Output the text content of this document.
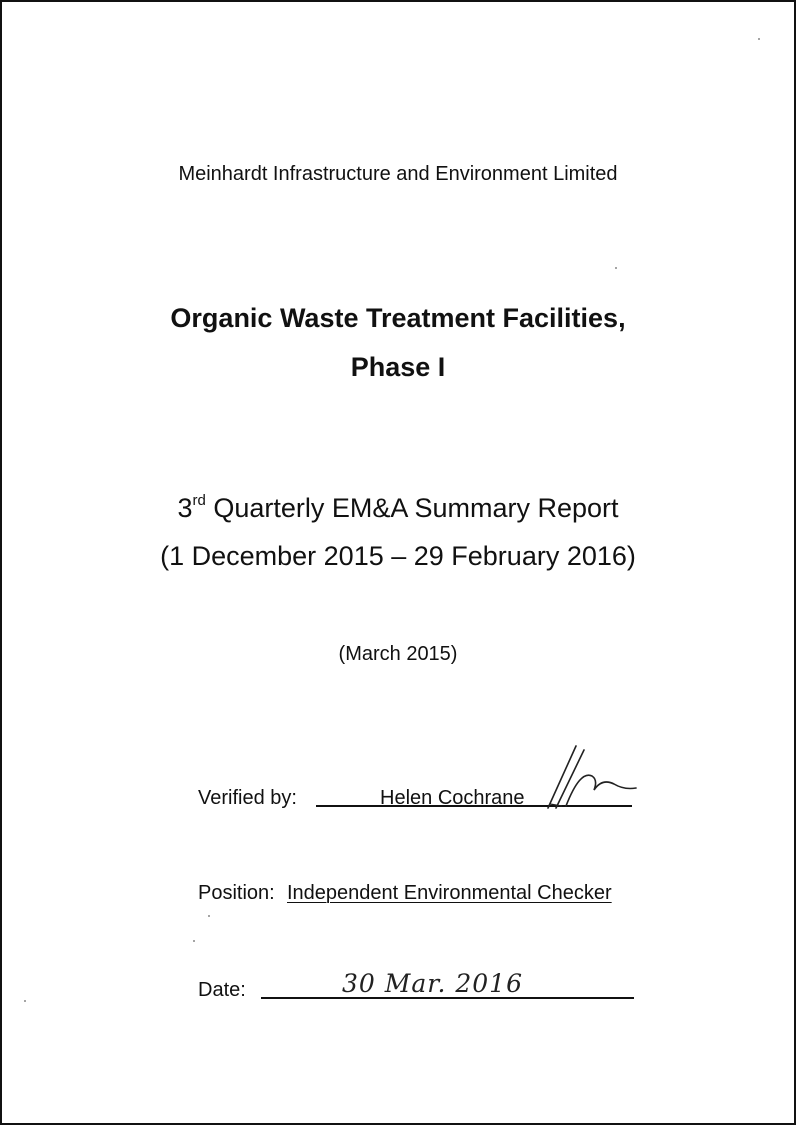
Meinhardt Infrastructure and Environment Limited
Organic Waste Treatment Facilities,
Phase I
3rd Quarterly EM&A Summary Report
(1 December 2015 – 29 February 2016)
(March 2015)
Verified by:	Helen Cochrane
Position: Independent Environmental Checker
Date:	30 Mar. 2016
